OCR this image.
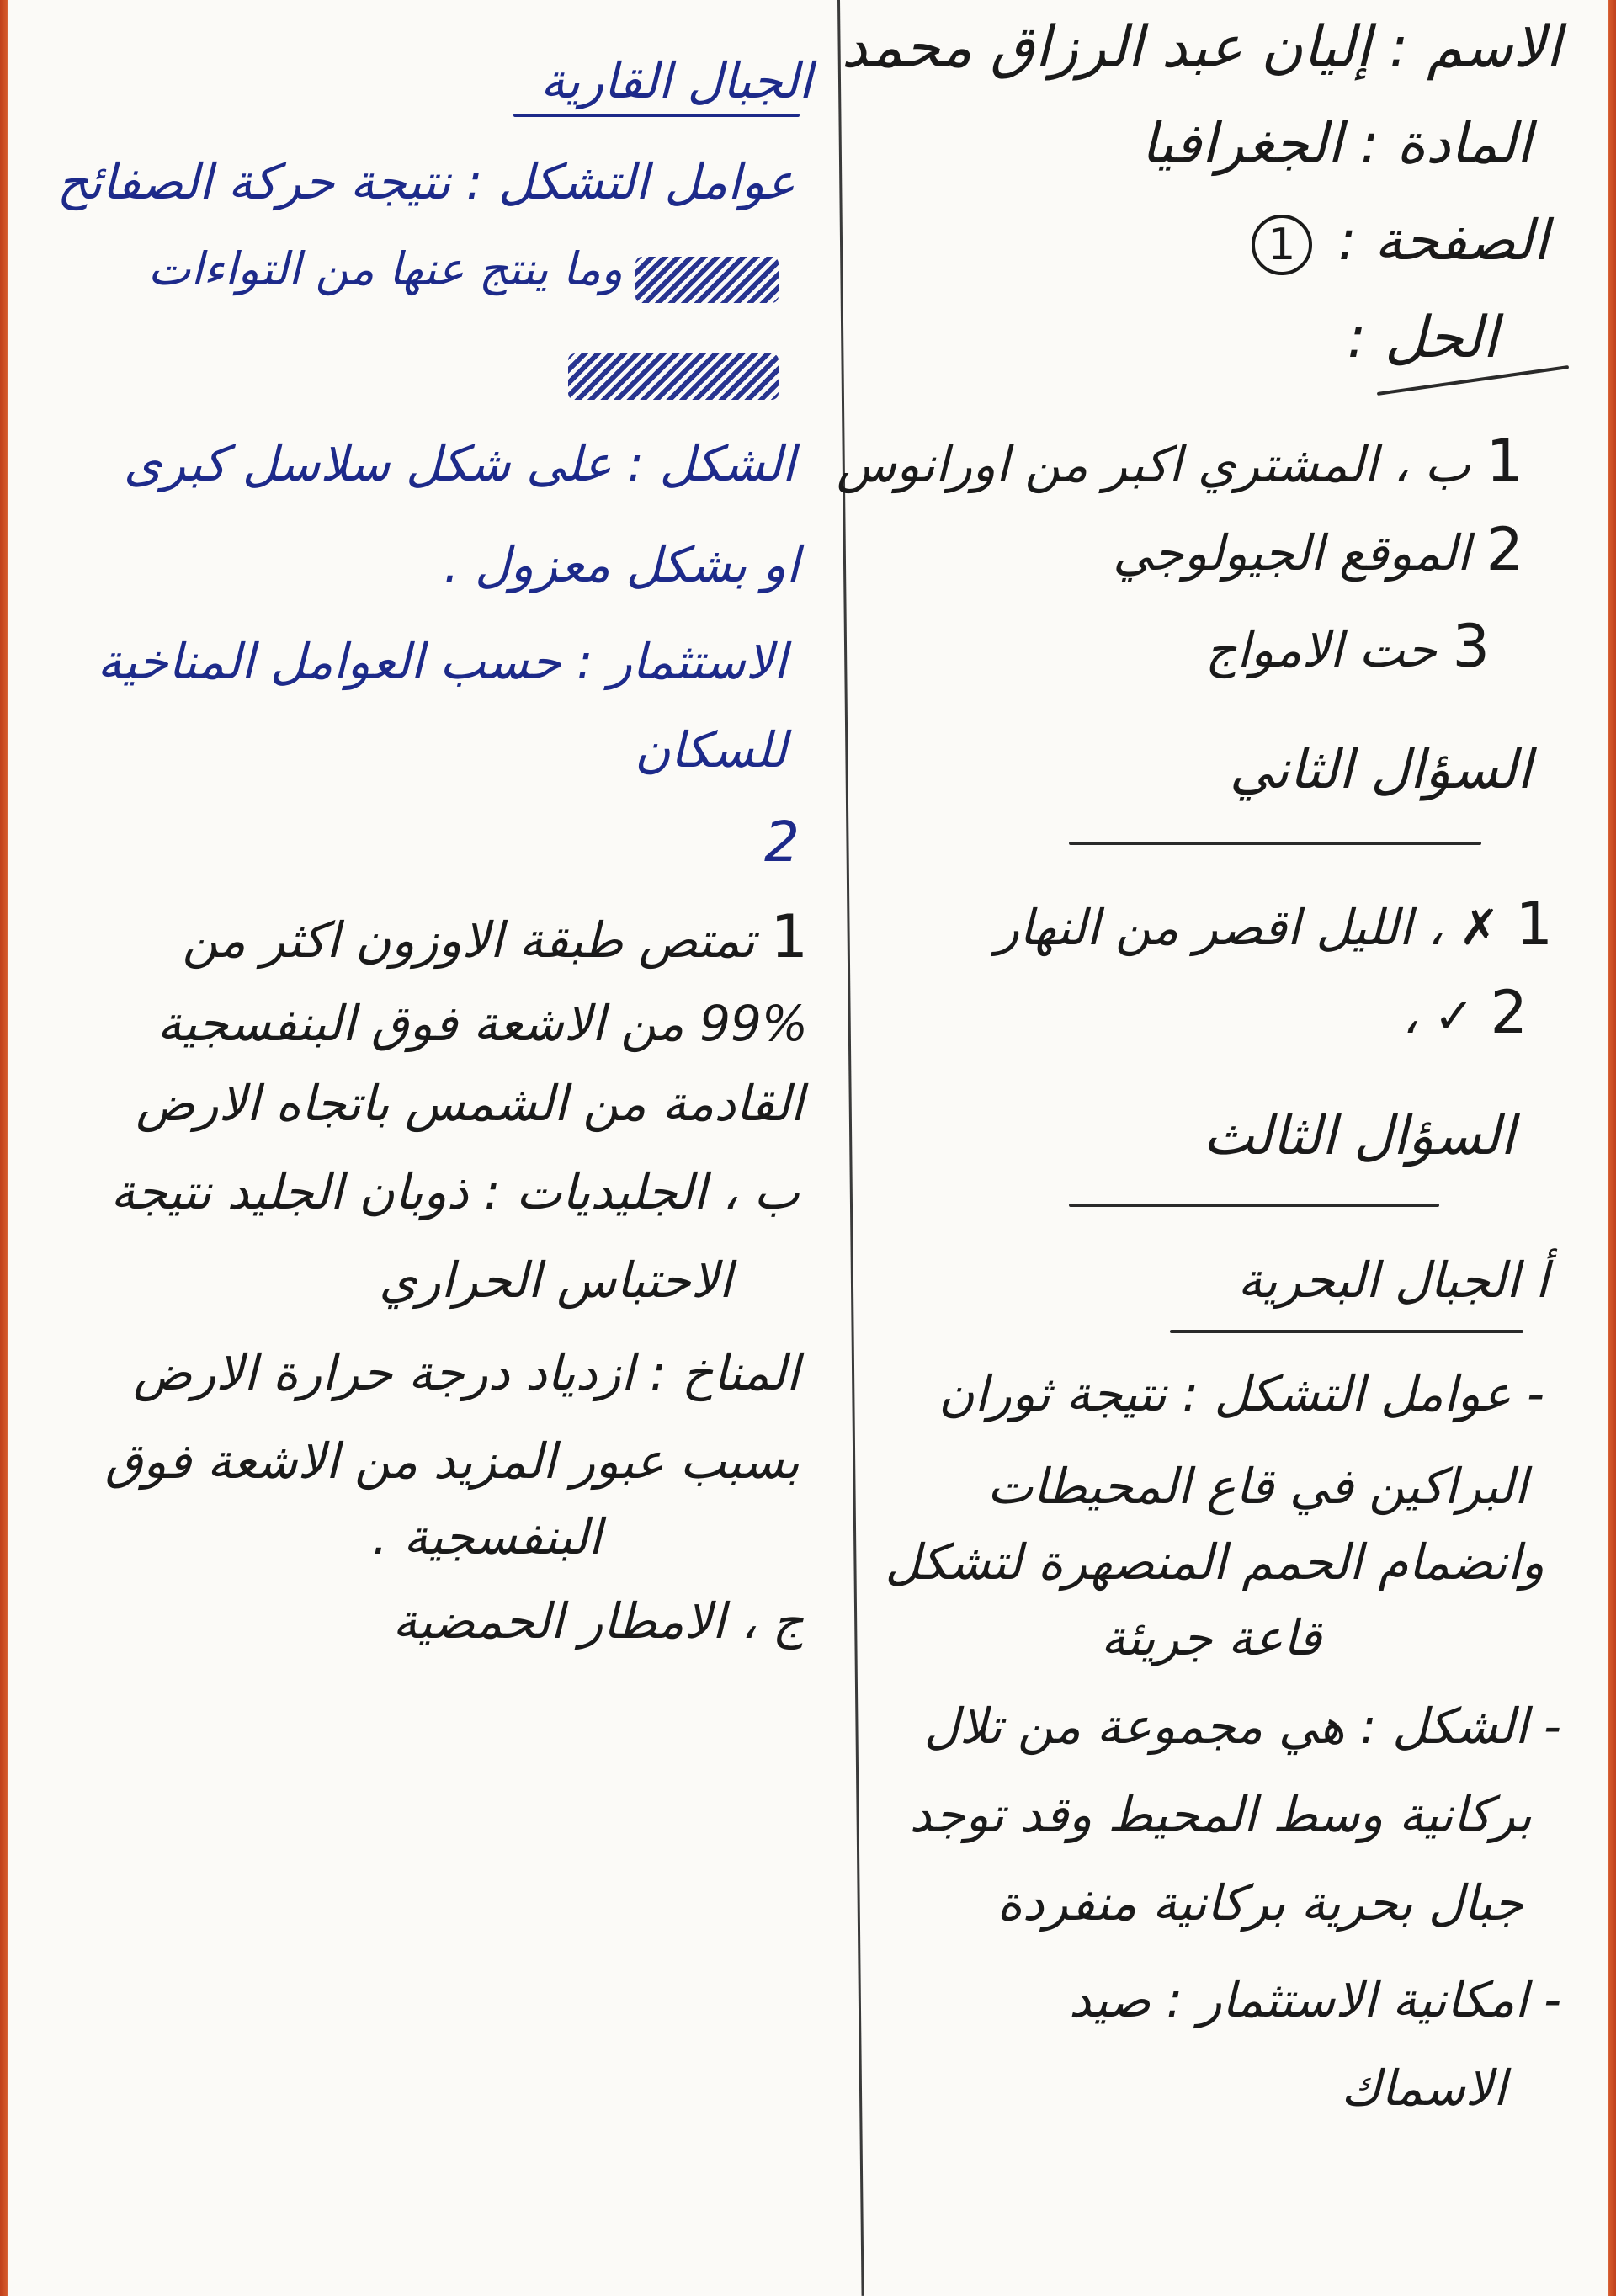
الاسم : إليان عبد الرزاق محمد
المادة : الجغرافيا
الصفحة : 1
الحل :
1 ب ، المشتري اكبر من اورانوس
2 الموقع الجيولوجي
3 حت الامواج
السؤال الثاني
1 ✗ ، الليل اقصر من النهار
2 ✓ ،
السؤال الثالث
أ الجبال البحرية
- عوامل التشكل : نتيجة ثوران
البراكين في قاع المحيطات
وانضمام الحمم المنصهرة لتشكل
قاعة جريئة
- الشكل : هي مجموعة من تلال
بركانية وسط المحيط وقد توجد
جبال بحرية بركانية منفردة
- امكانية الاستثمار : صيد
الاسماك
الجبال القارية
عوامل التشكل : نتيجة حركة الصفائح
وما ينتج عنها من التواءات
الشكل : على شكل سلاسل كبرى
او بشكل معزول .
الاستثمار : حسب العوامل المناخية
للسكان
2
1 تمتص طبقة الاوزون اكثر من
99% من الاشعة فوق البنفسجية
القادمة من الشمس باتجاه الارض
ب ، الجليديات : ذوبان الجليد نتيجة
الاحتباس الحراري
المناخ : ازدياد درجة حرارة الارض
بسبب عبور المزيد من الاشعة فوق
البنفسجية .
ج ، الامطار الحمضية
